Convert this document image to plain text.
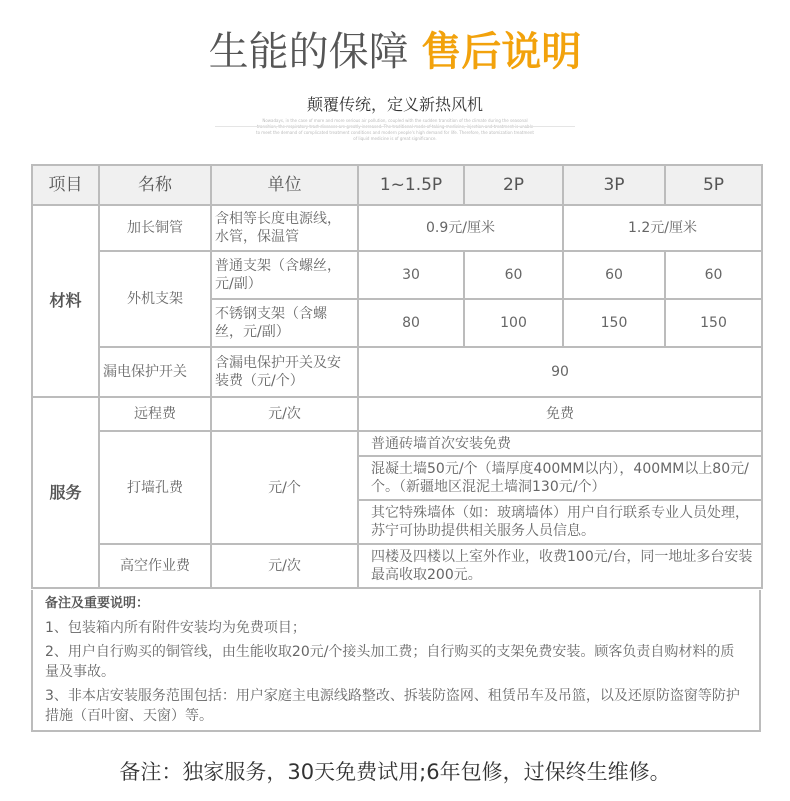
生能的保障 售后说明
颠覆传统，定义新热风机
Nowadays, in the case of more and more serious air pollution, coupled with the sudden transition of the climate during the seasonal to meet the demand of complicated treatment conditions and modern people's high demand for life. Therefore, the atomization treatment of liquid medicine is of great significance.
项目	名称	单位	1~1.5P	2P	3P	5P
材料	加长铜管	含相等长度电源线，水管，保温管	0.9元/厘米		1.2元/厘米	
	外机支架	普通支架（含螺丝，元/副）	30	60	60	60
		不锈钢支架（含螺丝，元/副）	80	100	150	150
	漏电保护开关	含漏电保护开关及安装费（元/个）	90			
服务	远程费	元/次	免费			
	打墙孔费	元/个	普通砖墙首次安装免费			
			混凝土墙50元/个（墙厚度400MM以内），400MM以上80元/个。（新疆地区混泥土墙洞130元/个）			
			其它特殊墙体（如：玻璃墙体）用户自行联系专业人员处理，苏宁可协助提供相关服务人员信息。			
	高空作业费	元/次	四楼及四楼以上室外作业，收费100元/台，同一地址多台安装最高收取200元。			
备注及重要说明：
1、包装箱内所有附件安装均为免费项目；
2、用户自行购买的铜管线，由生能收取20元/个接头加工费；自行购买的支架免费安装。顾客负责自购材料的质量及事故。
3、非本店安装服务范围包括：用户家庭主电源线路整改、拆装防盗网、租赁吊车及吊篮，以及还原防盗窗等防护措施（百叶窗、天窗）等。
备注：独家服务，30天免费试用;6年包修，过保终生维修。
